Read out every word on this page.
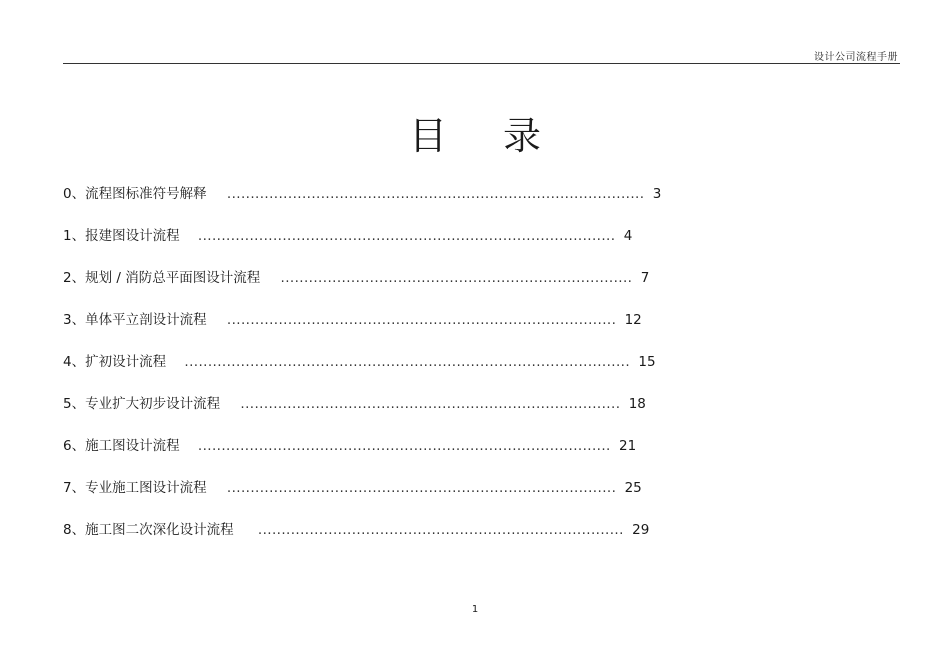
设计公司流程手册
目 录
0、流程图标准符号解释 ......................................................................................... 3
1、报建图设计流程 ......................................................................................... 4
2、规划 / 消防总平面图设计流程 ........................................................................... 7
3、单体平立剖设计流程 ................................................................................... 12
4、扩初设计流程 ............................................................................................... 15
5、专业扩大初步设计流程 ................................................................................. 18
6、施工图设计流程 ........................................................................................ 21
7、专业施工图设计流程 ................................................................................... 25
8、施工图二次深化设计流程 .............................................................................. 29
1
